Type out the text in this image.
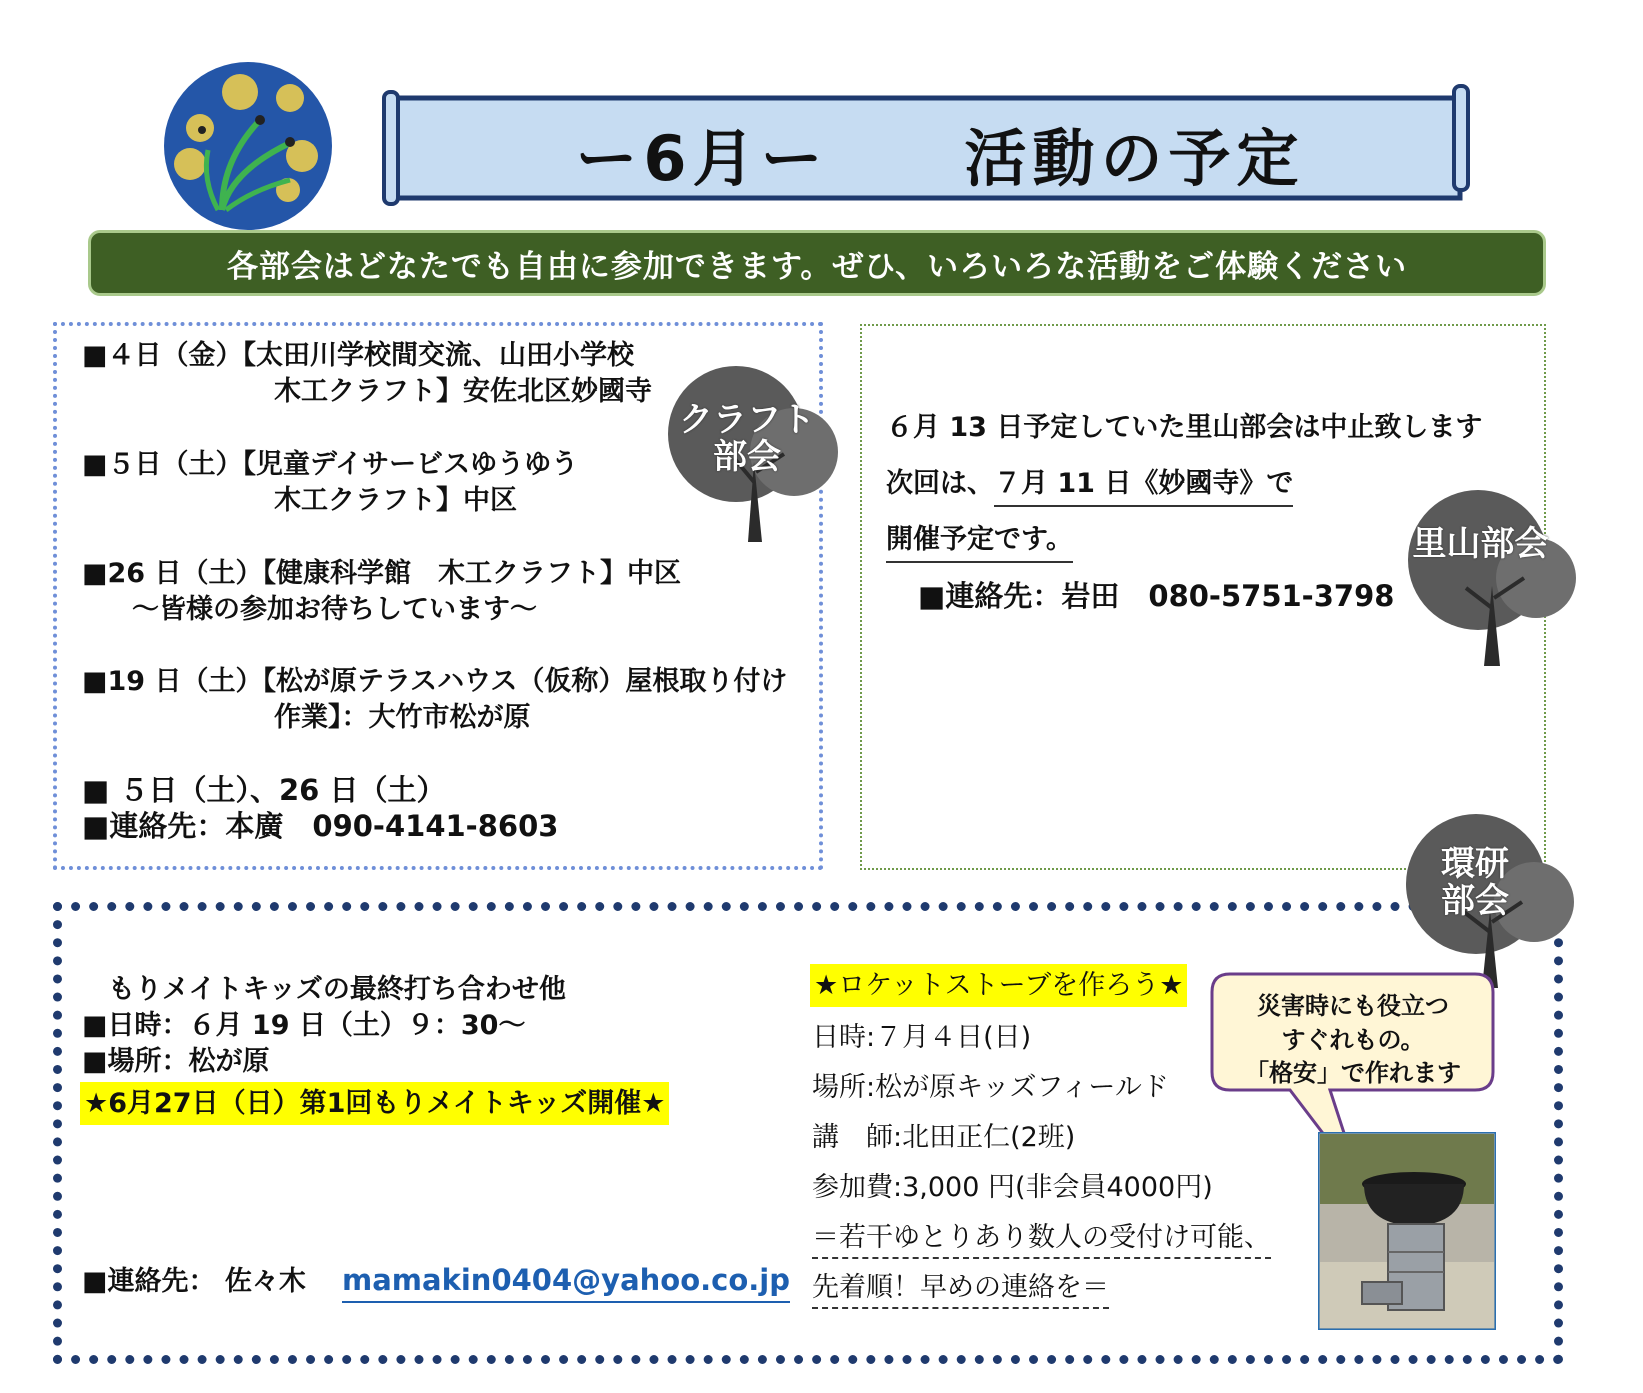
ー6月ー　　活動の予定
各部会はどなたでも自由に参加できます。ぜひ、いろいろな活動をご体験ください
■４日（金）【太田川学校間交流、山田小学校
木工クラフト】安佐北区妙國寺
■５日（土）【児童デイサービスゆうゆう
木工クラフト】中区
■26 日（土）【健康科学館　木工クラフト】中区
～皆様の参加お待ちしています～
■19 日（土）【松が原テラスハウス（仮称）屋根取り付け
作業】：大竹市松が原
■ ５日（土）、26 日（土）
■連絡先：本廣　090-4141-8603
クラフト
部会
６月 13 日予定していた里山部会は中止致します
次回は、７月 11 日《妙國寺》で
開催予定です。
■連絡先：岩田　080-5751-3798
里山部会
もりメイトキッズの最終打ち合わせ他
■日時：６月 19 日（土）９：30～
■場所：松が原
★6月27日（日）第1回もりメイトキッズ開催★
■連絡先： 佐々木 mamakin0404@yahoo.co.jp
★ロケットストーブを作ろう★
日時:７月４日(日)
場所:松が原キッズフィールド
講　師:北田正仁(2班)
参加費:3,000 円(非会員4000円)
＝若干ゆとりあり数人の受付け可能、
先着順！早めの連絡を＝
環研
部会
災害時にも役立つ
すぐれもの。
「格安」で作れます
